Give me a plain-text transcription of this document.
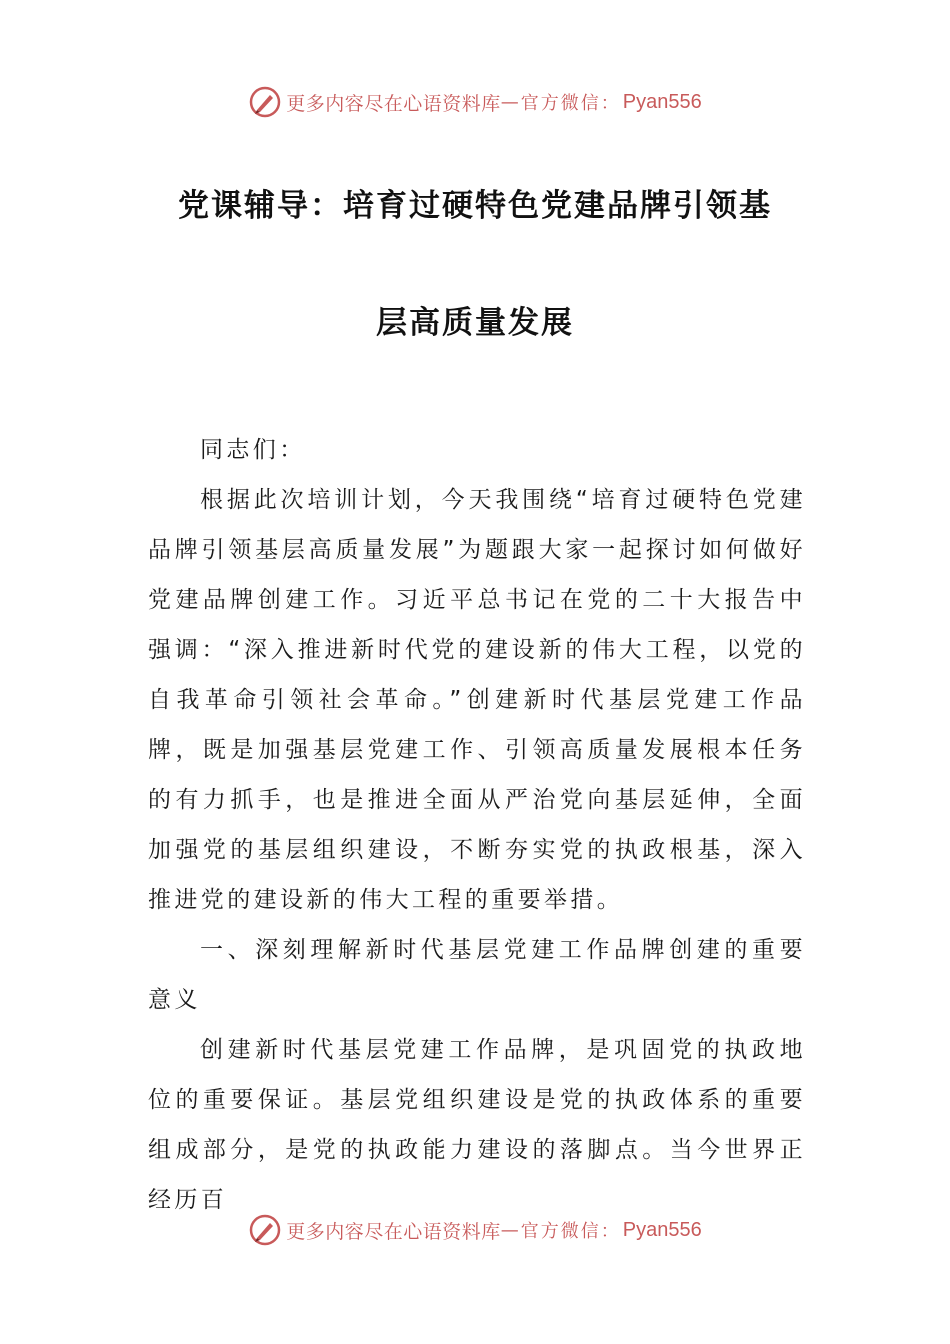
更多内容尽在心语资料库 — 官方微信： Pyan556
党课辅导：培育过硬特色党建品牌引领基
层高质量发展

同志们：

根据此次培训计划，今天我围绕“培育过硬特色党建品牌引领基层高质量发展”为题跟大家一起探讨如何做好党建品牌创建工作。习近平总书记在党的二十大报告中强调：“深入推进新时代党的建设新的伟大工程，以党的自我革命引领社会革命。”创建新时代基层党建工作品牌，既是加强基层党建工作、引领高质量发展根本任务的有力抓手，也是推进全面从严治党向基层延伸，全面加强党的基层组织建设，不断夯实党的执政根基，深入推进党的建设新的伟大工程的重要举措。

一、深刻理解新时代基层党建工作品牌创建的重要意义

创建新时代基层党建工作品牌，是巩固党的执政地位的重要保证。基层党组织建设是党的执政体系的重要组成部分，是党的执政能力建设的落脚点。当今世界正经历百

更多内容尽在心语资料库 — 官方微信： Pyan556
